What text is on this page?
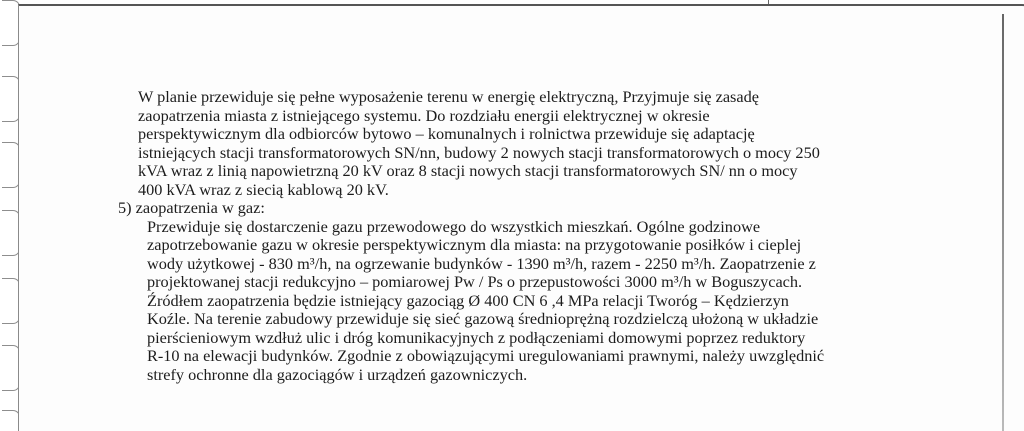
W planie przewiduje się pełne wyposażenie terenu w energię elektryczną, Przyjmuje się zasadę
zaopatrzenia miasta z istniejącego systemu. Do rozdziału energii elektrycznej w okresie
perspektywicznym dla odbiorców bytowo – komunalnych i rolnictwa przewiduje się adaptację
istniejących stacji transformatorowych SN/nn, budowy 2 nowych stacji transformatorowych o mocy 250
kVA wraz z linią napowietrzną 20 kV oraz 8 stacji nowych stacji transformatorowych SN/ nn o mocy
400 kVA wraz z siecią kablową 20 kV.

5) zaopatrzenia w gaz:

Przewiduje się dostarczenie gazu przewodowego do wszystkich mieszkań. Ogólne godzinowe
zapotrzebowanie gazu w okresie perspektywicznym dla miasta: na przygotowanie posiłków i cieplej
wody użytkowej - 830 m³/h, na ogrzewanie budynków - 1390 m³/h, razem - 2250 m³/h. Zaopatrzenie z
projektowanej stacji redukcyjno – pomiarowej Pw / Ps o przepustowości 3000 m³/h w Boguszycach.
Źródłem zaopatrzenia będzie istniejący gazociąg Ø 400 CN 6 ,4 MPa relacji Tworóg – Kędzierzyn
Koźle. Na terenie zabudowy przewiduje się sieć gazową średnioprężną rozdzielczą ułożoną w układzie
pierścieniowym wzdłuż ulic i dróg komunikacyjnych z podłączeniami domowymi poprzez reduktory
R-10 na elewacji budynków. Zgodnie z obowiązującymi uregulowaniami prawnymi, należy uwzględnić
strefy ochronne dla gazociągów i urządzeń gazowniczych.
